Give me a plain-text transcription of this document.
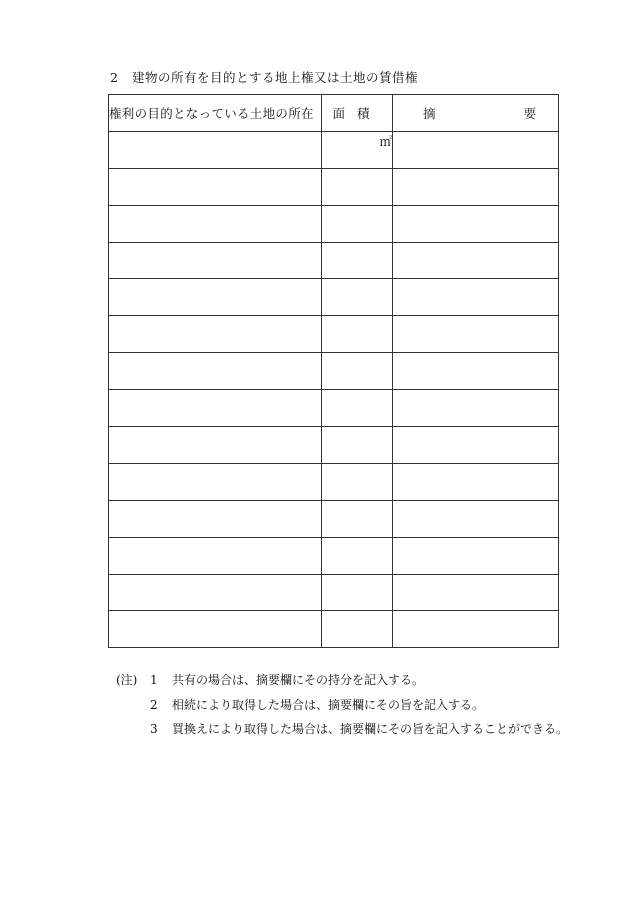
2 建物の所有を目的とする地上権又は土地の賃借権
権利の目的となっている土地の所在	面積	摘 要
	㎡	

(注)	1	共有の場合は、摘要欄にその持分を記入する。
2	相続により取得した場合は、摘要欄にその旨を記入する。
3	買換えにより取得した場合は、摘要欄にその旨を記入することができる。
